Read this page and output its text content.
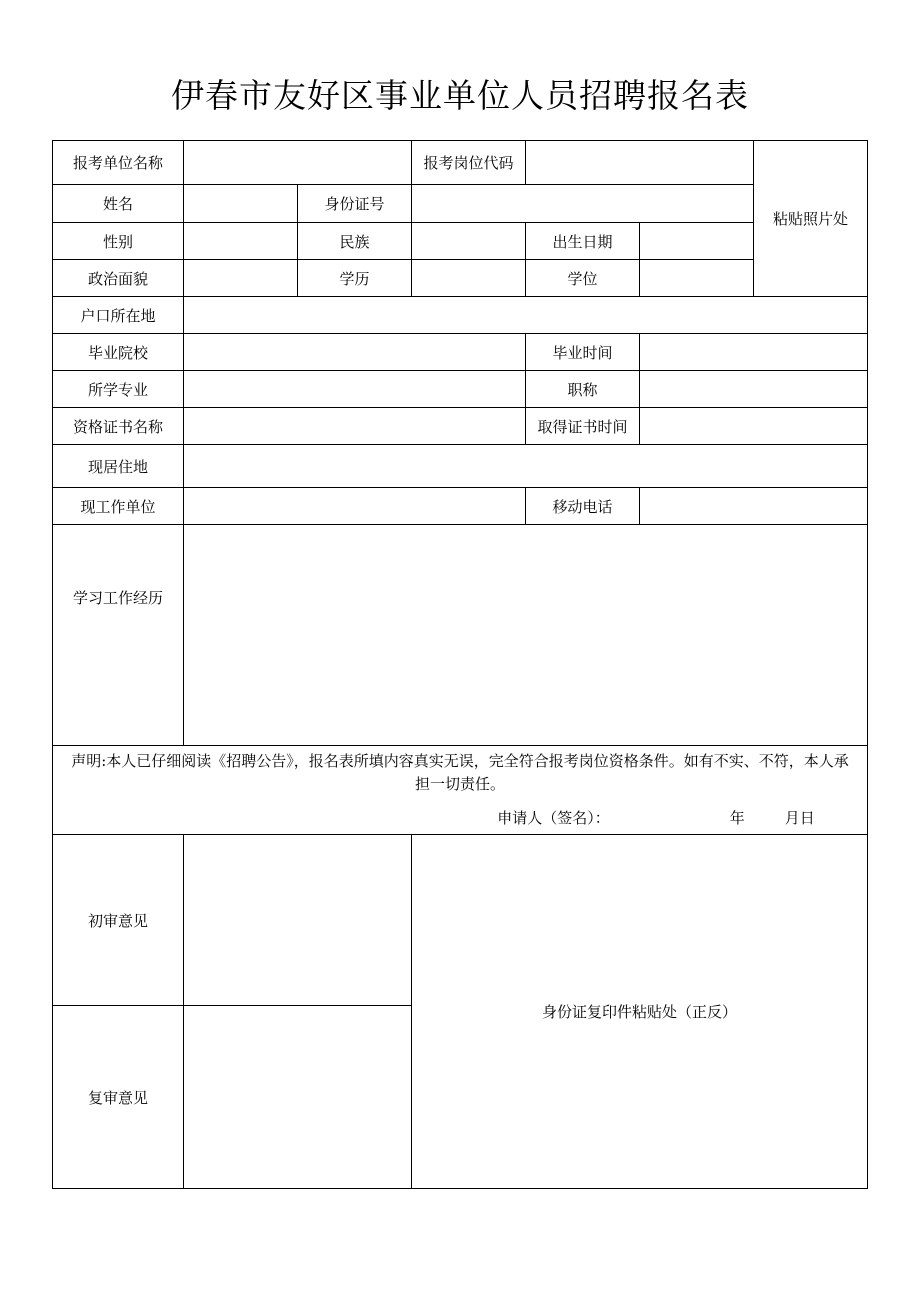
伊春市友好区事业单位人员招聘报名表
报考单位名称			报考岗位代码			粘贴照片处
姓名		身份证号				
性别		民族		出生日期		
政治面貌		学历		学位		
户口所在地						
毕业院校				毕业时间		
所学专业				职称		
资格证书名称				取得证书时间		
现居住地						
现工作单位				移动电话		
学习工作经历						

声明:本人已仔细阅读《招聘公告》，报名表所填内容真实无误，完全符合报考岗位资格条件。如有不实、不符，本人承
担一切责任。
申请人（签名）： 年 月日						

初审意见			身份证复印件粘贴处（正反）			
复审意见						
